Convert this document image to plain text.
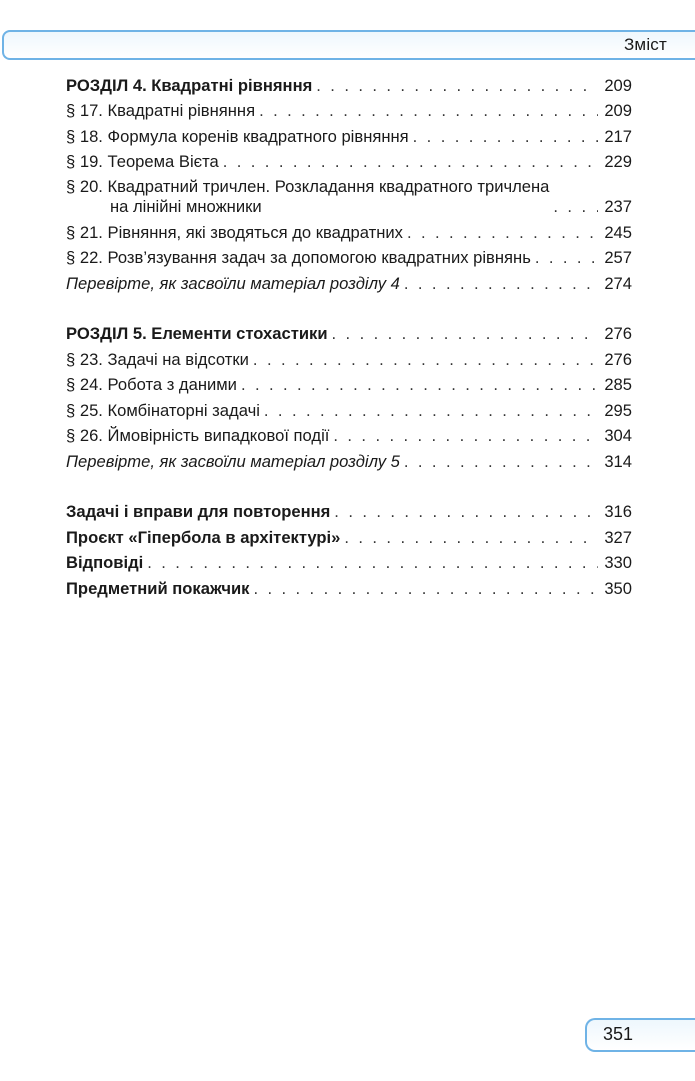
Зміст
РОЗДІЛ 4. Квадратні рівняння . . .	209
§ 17. Квадратні рівняння . . .	209
§ 18. Формула коренів квадратного рівняння . . .	217
§ 19. Теорема Вієта . . .	229
§ 20. Квадратний тричлен. Розкладання квадратного тричлена
на лінійні множники . . .	237
§ 21. Рівняння, які зводяться до квадратних . . .	245
§ 22. Розв’язування задач за допомогою квадратних рівнянь . . .	257
Перевірте, як засвоїли матеріал розділу 4 . . .	274
РОЗДІЛ 5. Елементи стохастики . . .	276
§ 23. Задачі на відсотки . . .	276
§ 24. Робота з даними . . .	285
§ 25. Комбінаторні задачі . . .	295
§ 26. Ймовірність випадкової події . . .	304
Перевірте, як засвоїли матеріал розділу 5 . . .	314
Задачі і вправи для повторення . . .	316
Проєкт «Гіпербола в архітектурі» . . .	327
Відповіді . . .	330
Предметний покажчик . . .	350
351
